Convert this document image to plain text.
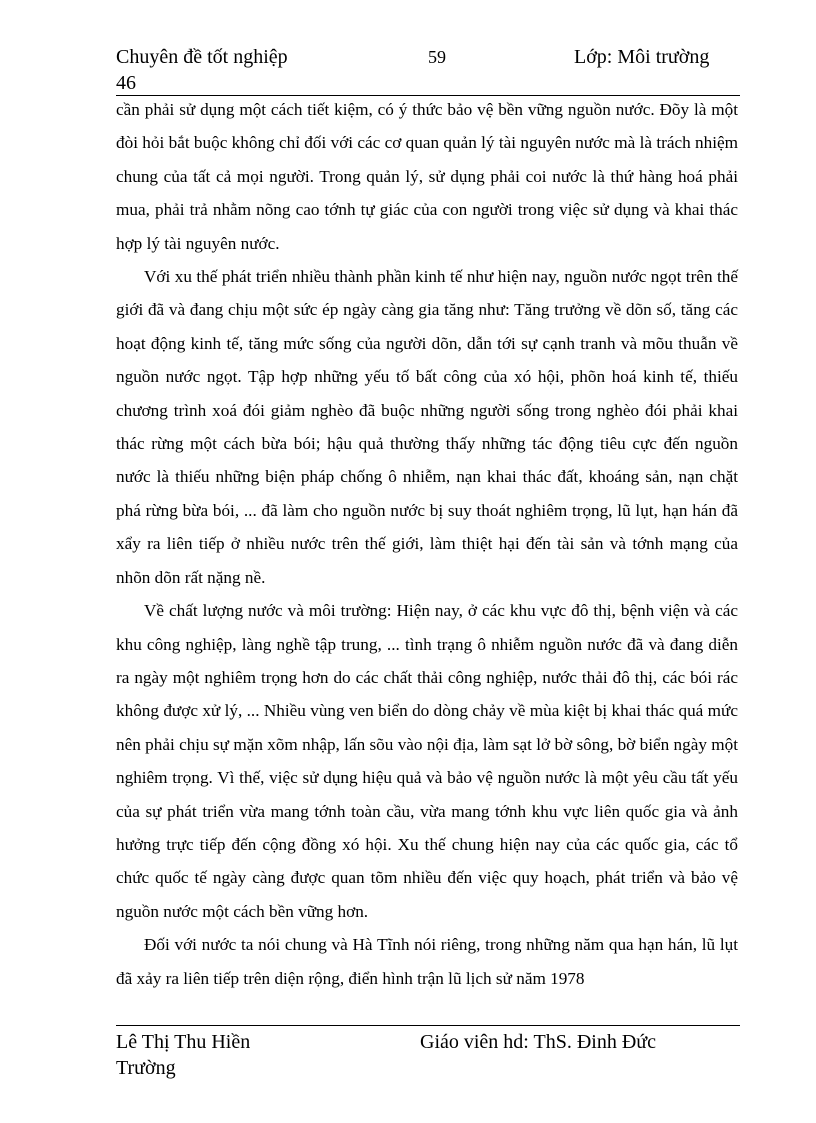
Chuyên đề tốt nghiệp
46
59	Lớp: Môi trường

cần phải sử dụng một cách tiết kiệm, có ý thức bảo vệ bền vững nguồn nước. Đõy là một đòi hỏi bắt buộc không chỉ đối với các cơ quan quản lý tài nguyên nước mà là trách nhiệm chung của tất cả mọi người. Trong quản lý, sử dụng phải coi nước là thứ hàng hoá phải mua, phải trả nhằm nõng cao tớnh tự giác của con người trong việc sử dụng và khai thác hợp lý tài nguyên nước.

Với xu thế phát triển nhiều thành phần kinh tế như hiện nay, nguồn nước ngọt trên thế giới đã và đang chịu một sức ép ngày càng gia tăng như: Tăng trưởng về dõn số, tăng các hoạt động kinh tế, tăng mức sống của người dõn, dẫn tới sự cạnh tranh và mõu thuẫn về nguồn nước ngọt. Tập hợp những yếu tố bất công của xó hội, phõn hoá kinh tế, thiếu chương trình xoá đói giảm nghèo đã buộc những người sống trong nghèo đói phải khai thác rừng một cách bừa bói; hậu quả thường thấy những tác động tiêu cực đến nguồn nước là thiếu những biện pháp chống ô nhiễm, nạn khai thác đất, khoáng sản, nạn chặt phá rừng bừa bói, ... đã làm cho nguồn nước bị suy thoát nghiêm trọng, lũ lụt, hạn hán đã xẩy ra liên tiếp ở nhiều nước trên thế giới, làm thiệt hại đến tài sản và tớnh mạng của nhõn dõn rất nặng nề.

Về chất lượng nước và môi trường: Hiện nay, ở các khu vực đô thị, bệnh viện và các khu công nghiệp, làng nghề tập trung, ... tình trạng ô nhiễm nguồn nước đã và đang diễn ra ngày một nghiêm trọng hơn do các chất thải công nghiệp, nước thải đô thị, các bói rác không được xử lý, ... Nhiều vùng ven biển do dòng chảy về mùa kiệt bị khai thác quá mức nên phải chịu sự mặn xõm nhập, lấn sõu vào nội địa, làm sạt lở bờ sông, bờ biển ngày một nghiêm trọng. Vì thế, việc sử dụng hiệu quả và bảo vệ nguồn nước là một yêu cầu tất yếu của sự phát triển vừa mang tớnh toàn cầu, vừa mang tớnh khu vực liên quốc gia và ảnh hưởng trực tiếp đến cộng đồng xó hội. Xu thế chung hiện nay của các quốc gia, các tổ chức quốc tế ngày càng được quan tõm nhiều đến việc quy hoạch, phát triển và bảo vệ nguồn nước một cách bền vững hơn.

Đối với nước ta nói chung và Hà Tĩnh nói riêng, trong những năm qua hạn hán, lũ lụt đã xảy ra liên tiếp trên diện rộng, điển hình trận lũ lịch sử năm 1978

Lê Thị Thu Hiền
Trường
Giáo viên hd: ThS. Đinh Đức
